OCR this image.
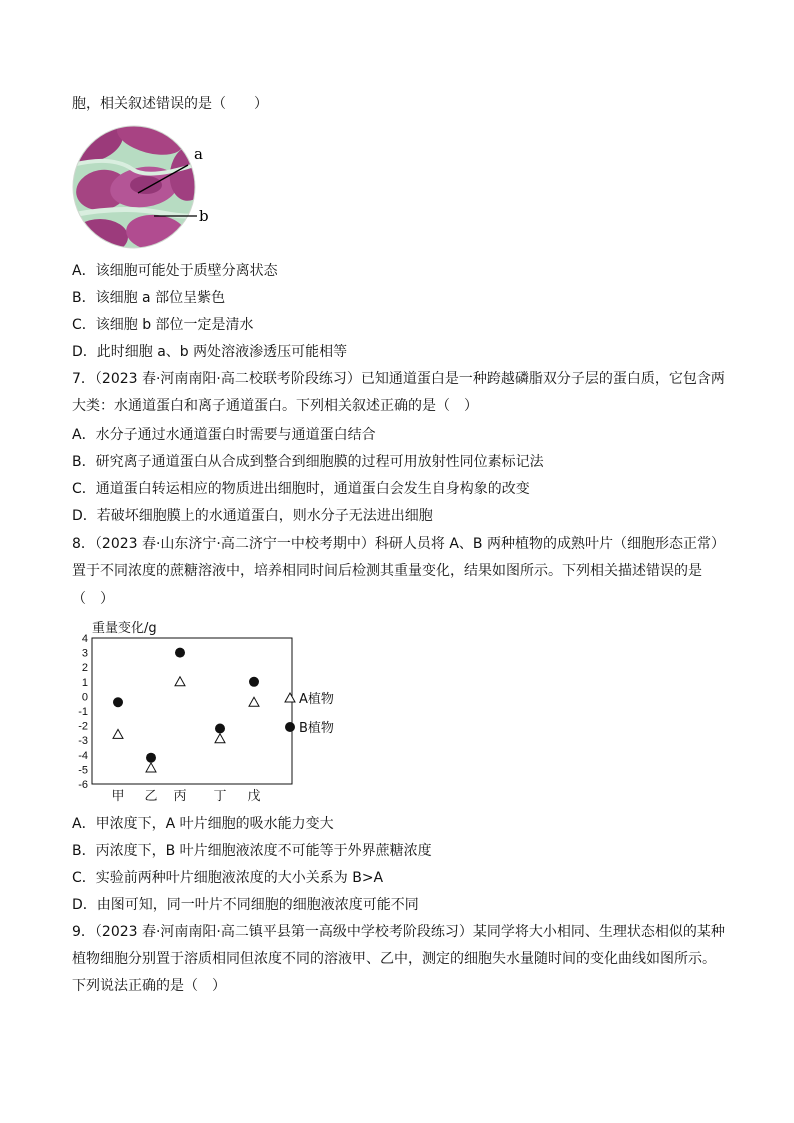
胞，相关叙述错误的是（　　）
a
b
A．该细胞可能处于质壁分离状态
B．该细胞 a 部位呈紫色
C．该细胞 b 部位一定是清水
D．此时细胞 a、b 两处溶液渗透压可能相等
7．（2023 春·河南南阳·高二校联考阶段练习）已知通道蛋白是一种跨越磷脂双分子层的蛋白质，它包含两
大类：水通道蛋白和离子通道蛋白。下列相关叙述正确的是（　）
A．水分子通过水通道蛋白时需要与通道蛋白结合
B．研究离子通道蛋白从合成到整合到细胞膜的过程可用放射性同位素标记法
C．通道蛋白转运相应的物质进出细胞时，通道蛋白会发生自身构象的改变
D．若破坏细胞膜上的水通道蛋白，则水分子无法进出细胞
8．（2023 春·山东济宁·高二济宁一中校考期中）科研人员将 A、B 两种植物的成熟叶片（细胞形态正常）
置于不同浓度的蔗糖溶液中，培养相同时间后检测其重量变化，结果如图所示。下列相关描述错误的是
（　）
重量变化/g
4
3
2
1
0
-1
-2
-3
-4
-5
-6
甲 乙 丙 丁 戊
A植物
B植物
A．甲浓度下，A 叶片细胞的吸水能力变大
B．丙浓度下，B 叶片细胞液浓度不可能等于外界蔗糖浓度
C．实验前两种叶片细胞液浓度的大小关系为 B>A
D．由图可知，同一叶片不同细胞的细胞液浓度可能不同
9．（2023 春·河南南阳·高二镇平县第一高级中学校考阶段练习）某同学将大小相同、生理状态相似的某种
植物细胞分别置于溶质相同但浓度不同的溶液甲、乙中，测定的细胞失水量随时间的变化曲线如图所示。
下列说法正确的是（　）
